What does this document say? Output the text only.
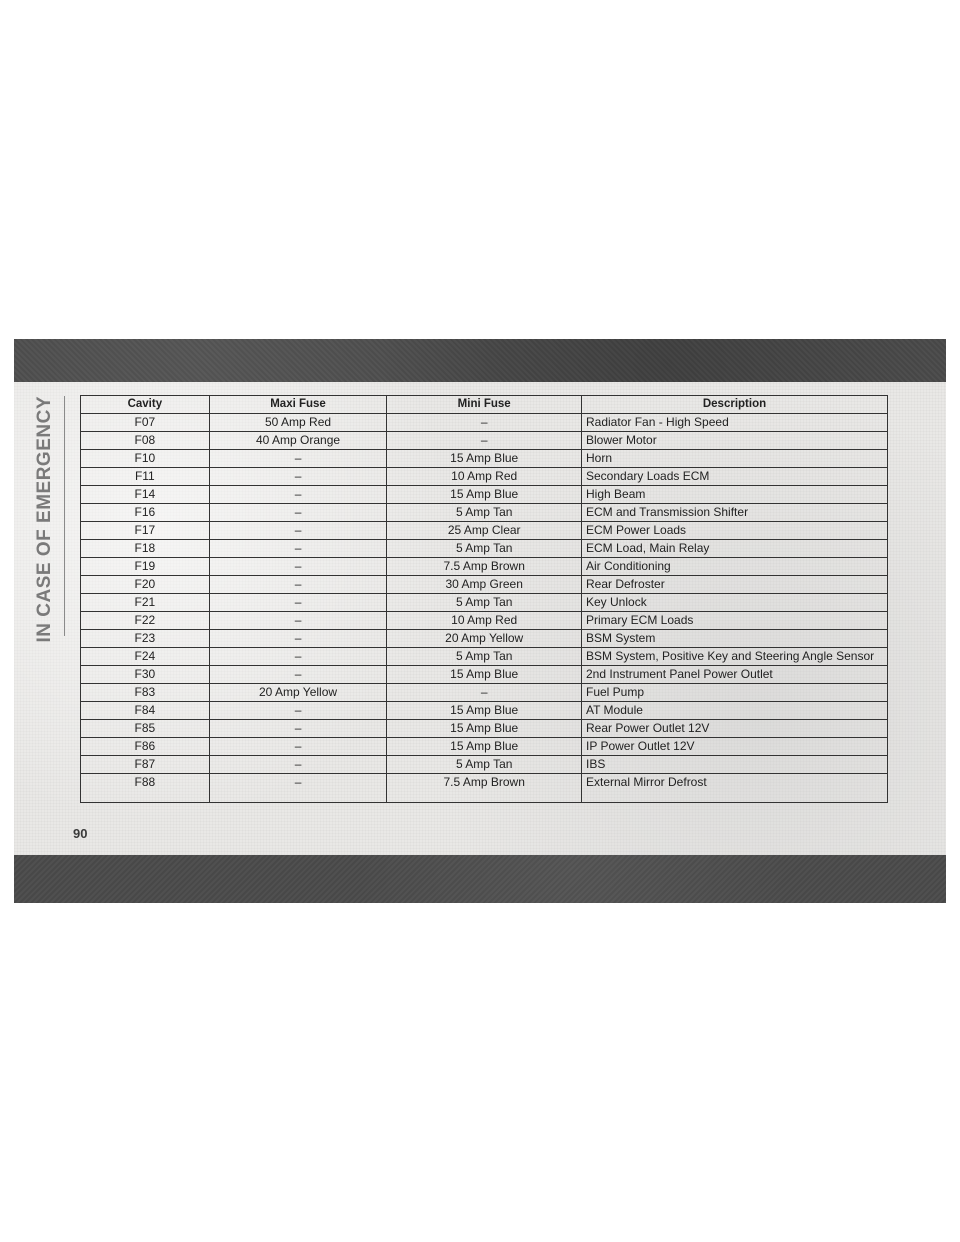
IN CASE OF EMERGENCY	Cavity	Maxi Fuse	Mini Fuse	Description
F07	50 Amp Red	–	Radiator Fan - High Speed
F08	40 Amp Orange	–	Blower Motor
F10	–	15 Amp Blue	Horn
F11	–	10 Amp Red	Secondary Loads ECM
F14	–	15 Amp Blue	High Beam
F16	–	5 Amp Tan	ECM and Transmission Shifter
F17	–	25 Amp Clear	ECM Power Loads
F18	–	5 Amp Tan	ECM Load, Main Relay
F19	–	7.5 Amp Brown	Air Conditioning
F20	–	30 Amp Green	Rear Defroster
F21	–	5 Amp Tan	Key Unlock
F22	–	10 Amp Red	Primary ECM Loads
F23	–	20 Amp Yellow	BSM System
F24	–	5 Amp Tan	BSM System, Positive Key and Steering Angle Sensor
F30	–	15 Amp Blue	2nd Instrument Panel Power Outlet
F83	20 Amp Yellow	–	Fuel Pump
F84	–	15 Amp Blue	AT Module
F85	–	15 Amp Blue	Rear Power Outlet 12V
F86	–	15 Amp Blue	IP Power Outlet 12V
F87	–	5 Amp Tan	IBS
F88	–	7.5 Amp Brown	External Mirror Defrost
90
